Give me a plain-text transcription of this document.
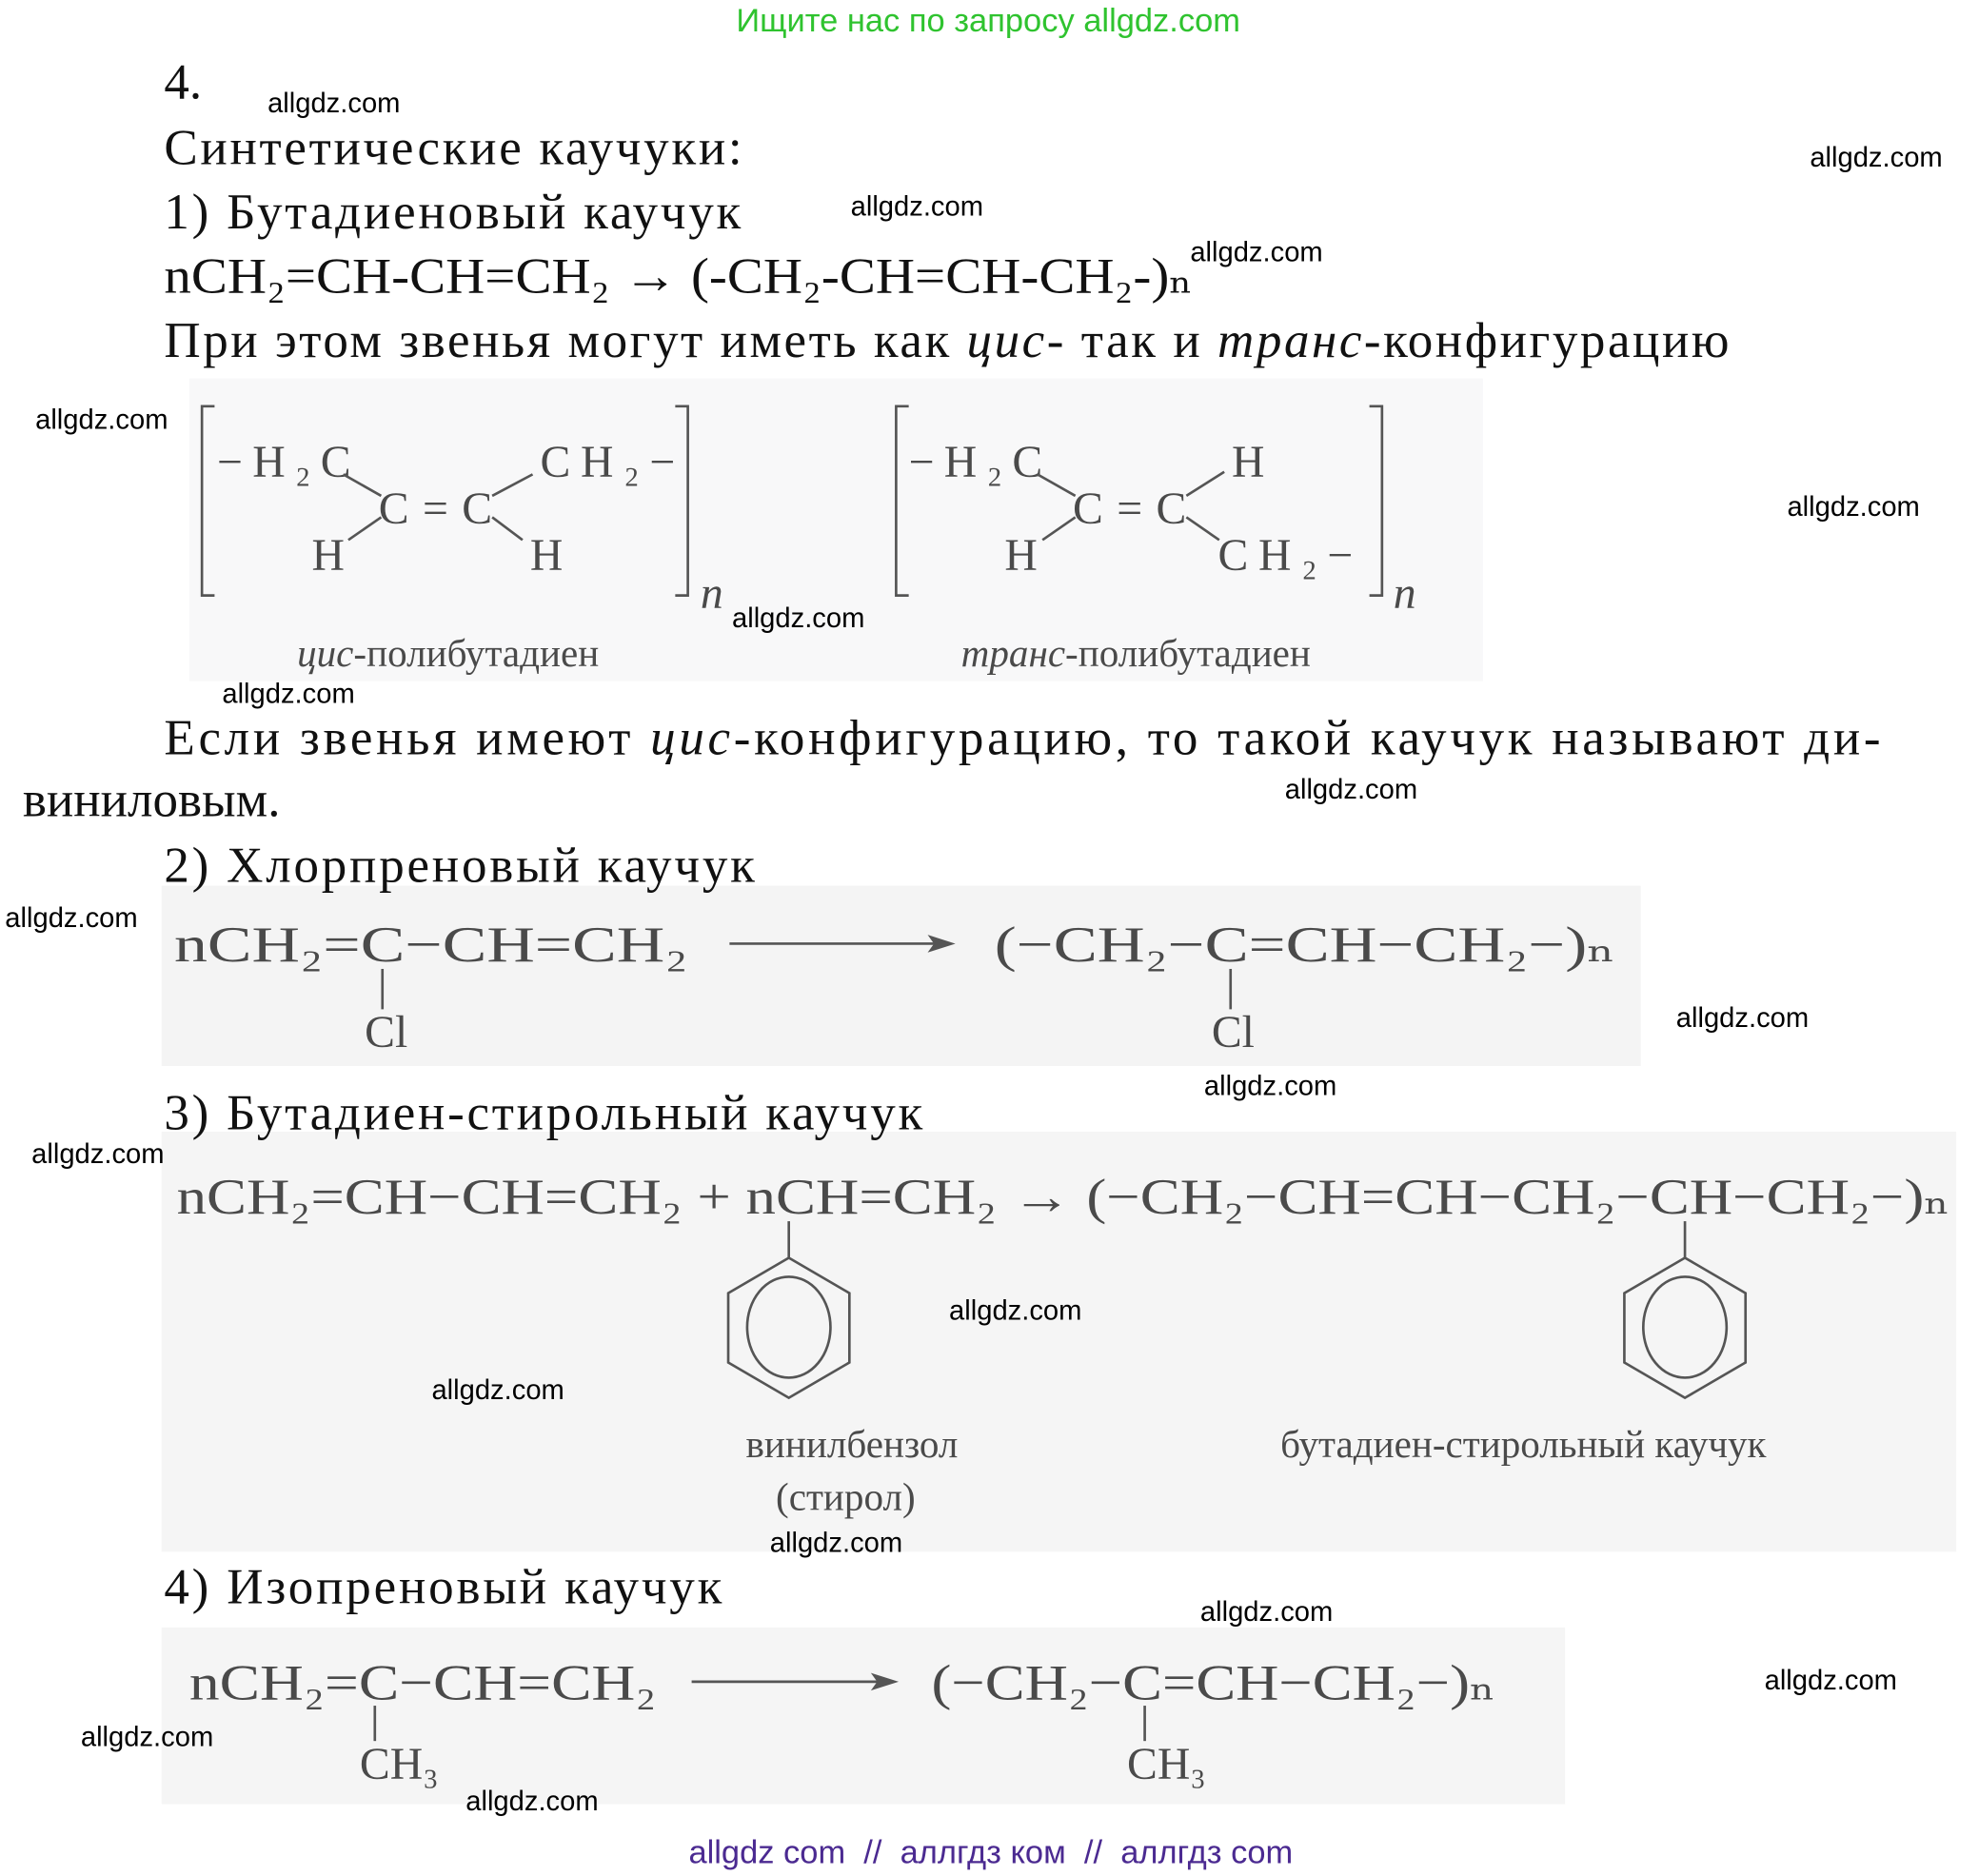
Ищите нас по запросу allgdz.com
allgdz com  //  аллгдз ком  //  аллгдз com
4.
Синтетические каучуки:
1) Бутадиеновый каучук
nCH₂=CH-CH=CH₂ → (-CH₂-CH=CH-CH₂-)ₙ
При этом звенья могут иметь как цис- так и транс-конфигурацию
n
−H₂C	CH₂−
C=C
H	H
цис-полибутадиен
n
−H₂C	H
C=C
H	CH₂−
транс-полибутадиен
Если звенья имеют цис-конфигурацию, то такой каучук называют ди-
виниловым.
2) Хлорпреновый каучук
nCH₂=C−CH=CH₂	(−CH₂−C=CH−CH₂−)ₙ
Cl	Cl
3) Бутадиен-стирольный каучук
nCH₂=CH−CH=CH₂ + nCH=CH₂ → (−CH₂−CH=CH−CH₂−CH−CH₂−)ₙ
винилбензол
(стирол)
бутадиен-стирольный каучук
4) Изопреновый каучук
nCH₂=C−CH=CH₂	(−CH₂−C=CH−CH₂−)ₙ
CH₃	CH₃
allgdz.com
allgdz.com
allgdz.com
allgdz.com
allgdz.com
allgdz.com
allgdz.com
allgdz.com
allgdz.com
allgdz.com
allgdz.com
allgdz.com
allgdz.com
allgdz.com
allgdz.com
allgdz.com
allgdz.com
allgdz.com
allgdz.com
allgdz.com
